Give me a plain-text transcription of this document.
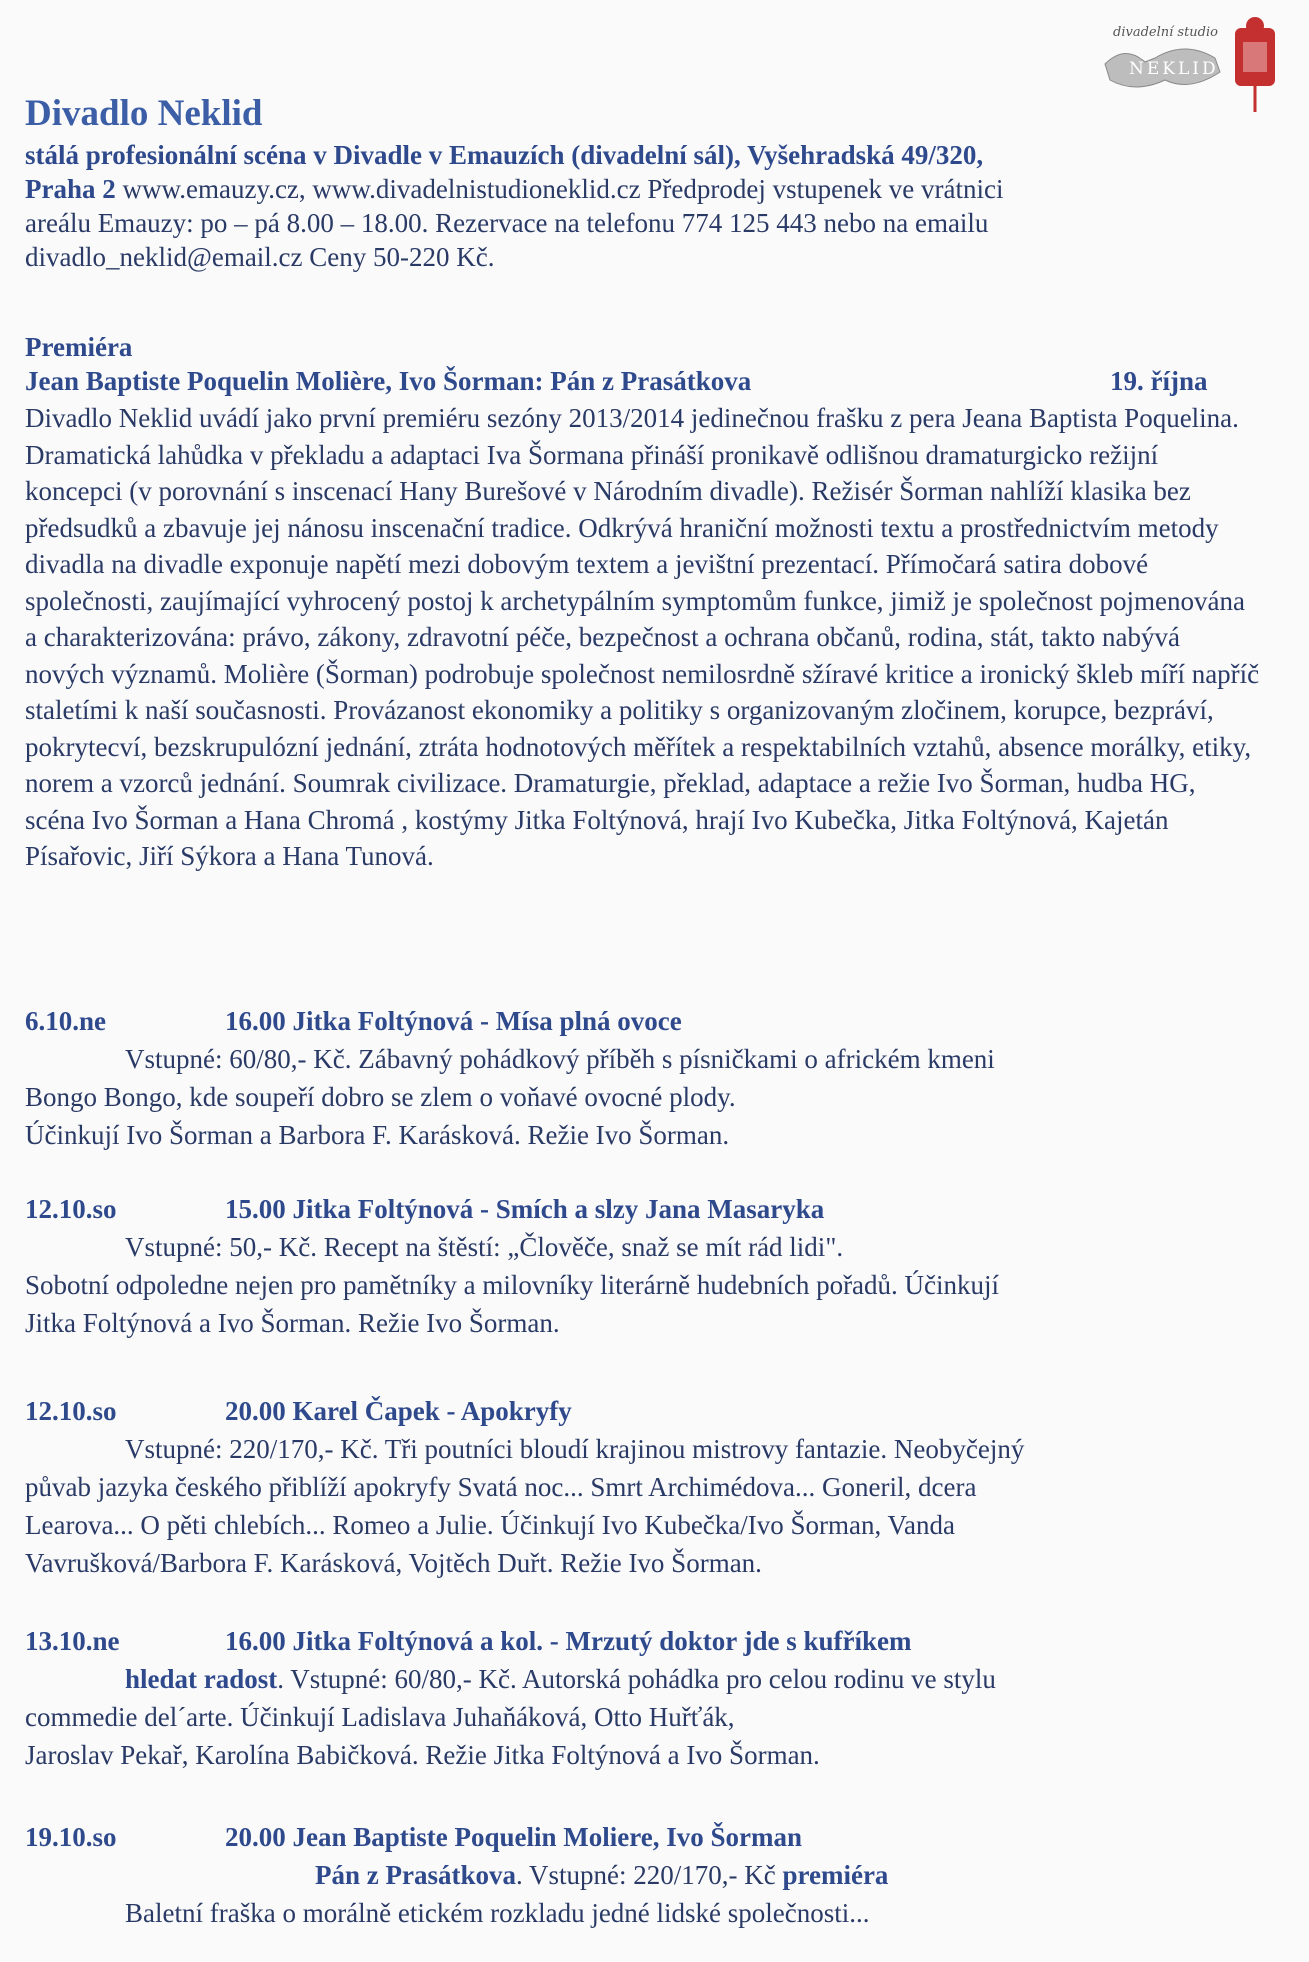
divadelní studio
NEKLID
Divadlo Neklid
stálá profesionální scéna v Divadle v Emauzích (divadelní sál), Vyšehradská 49/320,
Praha 2 www.emauzy.cz, www.divadelnistudioneklid.cz Předprodej vstupenek ve vrátnici
areálu Emauzy: po – pá 8.00 – 18.00. Rezervace na telefonu 774 125 443 nebo na emailu
divadlo_neklid@email.cz Ceny 50-220 Kč.
Premiéra
Jean Baptiste Poquelin Molière, Ivo Šorman: Pán z Prasátkova	19. října
Divadlo Neklid uvádí jako první premiéru sezóny 2013/2014 jedinečnou frašku z pera Jeana Baptista Poquelina. Dramatická lahůdka v překladu a adaptaci Iva Šormana přináší pronikavě odlišnou dramaturgicko režijní koncepci (v porovnání s inscenací Hany Burešové v Národním divadle). Režisér Šorman nahlíží klasika bez předsudků a zbavuje jej nánosu inscenační tradice. Odkrývá hraniční možnosti textu a prostřednictvím metody divadla na divadle exponuje napětí mezi dobovým textem a jevištní prezentací. Přímočará satira dobové společnosti, zaujímající vyhrocený postoj k archetypálním symptomům funkce, jimiž je společnost pojmenována a charakterizována: právo, zákony, zdravotní péče, bezpečnost a ochrana občanů, rodina, stát, takto nabývá nových významů. Molière (Šorman) podrobuje společnost nemilosrdně sžíravé kritice a ironický škleb míří napříč staletími k naší současnosti. Provázanost ekonomiky a politiky s organizovaným zločinem, korupce, bezpráví, pokrytecví, bezskrupulózní jednání, ztráta hodnotových měřítek a respektabilních vztahů, absence morálky, etiky, norem a vzorců jednání. Soumrak civilizace. Dramaturgie, překlad, adaptace a režie Ivo Šorman, hudba HG, scéna Ivo Šorman a Hana Chromá , kostýmy Jitka Foltýnová, hrají Ivo Kubečka, Jitka Foltýnová, Kajetán Písařovic, Jiří Sýkora a Hana Tunová.
6.10.ne	16.00 Jitka Foltýnová - Mísa plná ovoce
Vstupné: 60/80,- Kč. Zábavný pohádkový příběh s písničkami o africkém kmeni
Bongo Bongo, kde soupeří dobro se zlem o voňavé ovocné plody.
Účinkují Ivo Šorman a Barbora F. Karásková. Režie Ivo Šorman.
12.10.so	15.00 Jitka Foltýnová - Smích a slzy Jana Masaryka
Vstupné: 50,- Kč. Recept na štěstí: „Člověče, snaž se mít rád lidi".
Sobotní odpoledne nejen pro pamětníky a milovníky literárně hudebních pořadů. Účinkují
Jitka Foltýnová a Ivo Šorman. Režie Ivo Šorman.
12.10.so	20.00 Karel Čapek - Apokryfy
Vstupné: 220/170,- Kč. Tři poutníci bloudí krajinou mistrovy fantazie. Neobyčejný
půvab jazyka českého přiblíží apokryfy Svatá noc... Smrt Archimédova... Goneril, dcera
Learova... O pěti chlebích... Romeo a Julie. Účinkují Ivo Kubečka/Ivo Šorman, Vanda
Vavrušková/Barbora F. Karásková, Vojtěch Duřt. Režie Ivo Šorman.
13.10.ne	16.00 Jitka Foltýnová a kol. - Mrzutý doktor jde s kufříkem
hledat radost. Vstupné: 60/80,- Kč. Autorská pohádka pro celou rodinu ve stylu
commedie del´arte. Účinkují Ladislava Juhaňáková, Otto Huřťák,
Jaroslav Pekař, Karolína Babičková. Režie Jitka Foltýnová a Ivo Šorman.
19.10.so	20.00 Jean Baptiste Poquelin Moliere, Ivo Šorman
Pán z Prasátkova. Vstupné: 220/170,- Kč premiéra
Baletní fraška o morálně etickém rozkladu jedné lidské společnosti...
